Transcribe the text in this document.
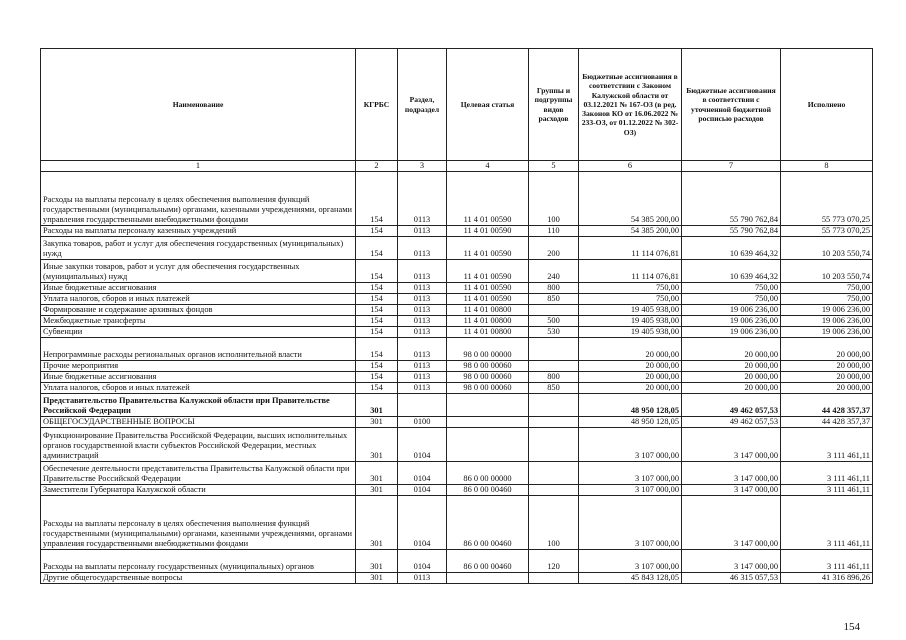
Наименование	КГРБС	Раздел, подраздел	Целевая статья	Группы и подгруппы видов расходов	Бюджетные ассигнования в соответствии с Законом Калужской области от 03.12.2021 № 167-ОЗ (в ред. Законов КО от 16.06.2022 № 233-ОЗ, от 01.12.2022 № 302-ОЗ)	Бюджетные ассигнования в соответствии с уточненной бюджетной росписью расходов	Исполнено
1	2	3	4	5	6	7	8
Расходы на выплаты персоналу в целях обеспечения выполнения функций государственными (муниципальными) органами, казенными учреждениями, органами управления государственными внебюджетными фондами	154	0113	11 4 01 00590	100	54 385 200,00	55 790 762,84	55 773 070,25
Расходы на выплаты персоналу казенных учреждений	154	0113	11 4 01 00590	110	54 385 200,00	55 790 762,84	55 773 070,25
Закупка товаров, работ и услуг для обеспечения государственных (муниципальных) нужд	154	0113	11 4 01 00590	200	11 114 076,81	10 639 464,32	10 203 550,74
Иные закупки товаров, работ и услуг для обеспечения государственных (муниципальных) нужд	154	0113	11 4 01 00590	240	11 114 076,81	10 639 464,32	10 203 550,74
Иные бюджетные ассигнования	154	0113	11 4 01 00590	800	750,00	750,00	750,00
Уплата налогов, сборов и иных платежей	154	0113	11 4 01 00590	850	750,00	750,00	750,00
Формирование и содержание архивных фондов	154	0113	11 4 01 00800		19 405 938,00	19 006 236,00	19 006 236,00
Межбюджетные трансферты	154	0113	11 4 01 00800	500	19 405 938,00	19 006 236,00	19 006 236,00
Субвенции	154	0113	11 4 01 00800	530	19 405 938,00	19 006 236,00	19 006 236,00
Непрограммные расходы региональных органов исполнительной власти	154	0113	98 0 00 00000		20 000,00	20 000,00	20 000,00
Прочие мероприятия	154	0113	98 0 00 00060		20 000,00	20 000,00	20 000,00
Иные бюджетные ассигнования	154	0113	98 0 00 00060	800	20 000,00	20 000,00	20 000,00
Уплата налогов, сборов и иных платежей	154	0113	98 0 00 00060	850	20 000,00	20 000,00	20 000,00
Представительство Правительства Калужской области при Правительстве Российской Федерации	301				48 950 128,05	49 462 057,53	44 428 357,37
ОБЩЕГОСУДАРСТВЕННЫЕ ВОПРОСЫ	301	0100			48 950 128,05	49 462 057,53	44 428 357,37
Функционирование Правительства Российской Федерации, высших исполнительных органов государственной власти субъектов Российской Федерации, местных администраций	301	0104			3 107 000,00	3 147 000,00	3 111 461,11
Обеспечение деятельности представительства Правительства Калужской области при Правительстве Российской Федерации	301	0104	86 0 00 00000		3 107 000,00	3 147 000,00	3 111 461,11
Заместители Губернатора Калужской области	301	0104	86 0 00 00460		3 107 000,00	3 147 000,00	3 111 461,11
Расходы на выплаты персоналу в целях обеспечения выполнения функций государственными (муниципальными) органами, казенными учреждениями, органами управления государственными внебюджетными фондами	301	0104	86 0 00 00460	100	3 107 000,00	3 147 000,00	3 111 461,11
Расходы на выплаты персоналу государственных (муниципальных) органов	301	0104	86 0 00 00460	120	3 107 000,00	3 147 000,00	3 111 461,11
Другие общегосударственные вопросы	301	0113			45 843 128,05	46 315 057,53	41 316 896,26
154
